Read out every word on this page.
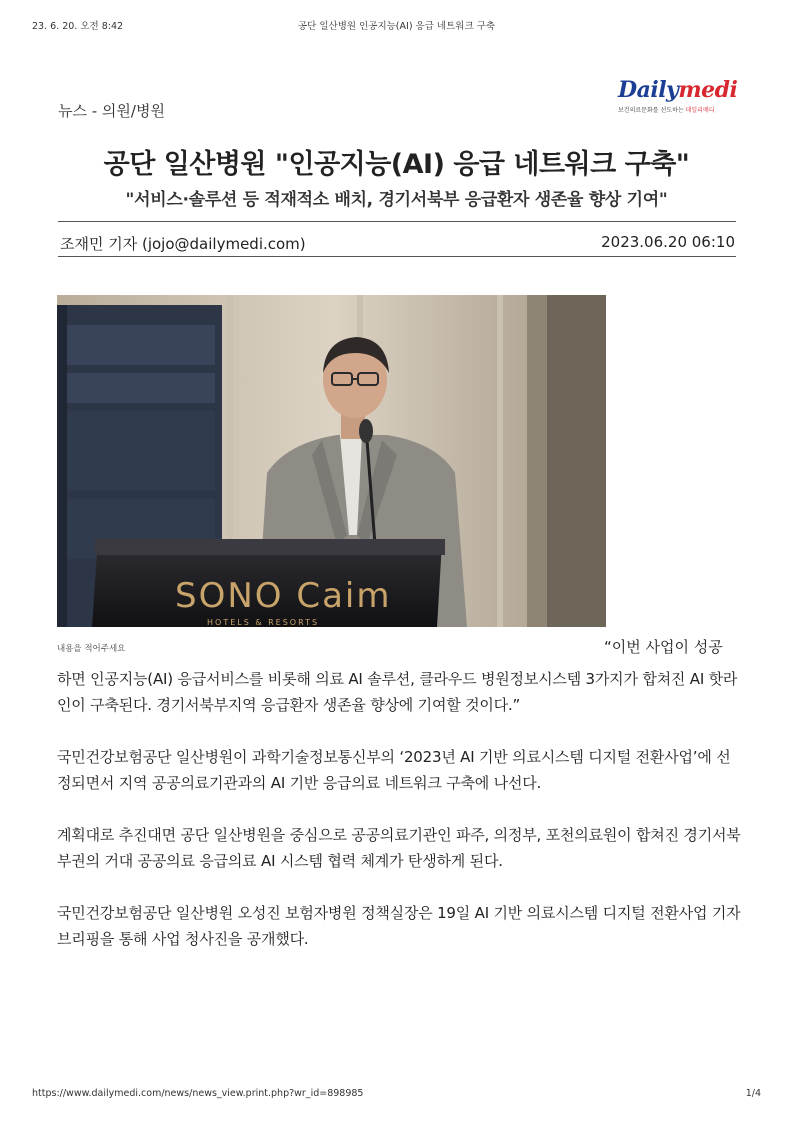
23. 6. 20. 오전 8:42	공단 일산병원 인공지능(AI) 응급 네트워크 구축
뉴스 - 의원/병원
Dailymedi
보건의료문화를 선도하는 데일리메디
공단 일산병원 "인공지능(AI) 응급 네트워크 구축"
"서비스·솔루션 등 적재적소 배치, 경기서북부 응급환자 생존율 향상 기여"
조재민 기자 (jojo@dailymedi.com)	2023.06.20 06:10
SONO Caim
HOTELS & RESORTS
내용을 적어주세요	“이번 사업이 성공

하면 인공지능(AI) 응급서비스를 비롯해 의료 AI 솔루션, 클라우드 병원정보시스템 3가지가 합쳐진 AI 핫라인이 구축된다. 경기서북부지역 응급환자 생존율 향상에 기여할 것이다.”

국민건강보험공단 일산병원이 과학기술정보통신부의 ‘2023년 AI 기반 의료시스템 디지털 전환사업’에 선정되면서 지역 공공의료기관과의 AI 기반 응급의료 네트워크 구축에 나선다.

계획대로 추진대면 공단 일산병원을 중심으로 공공의료기관인 파주, 의정부, 포천의료원이 합쳐진 경기서북부권의 거대 공공의료 응급의료 AI 시스템 협력 체계가 탄생하게 된다.

국민건강보험공단 일산병원 오성진 보험자병원 정책실장은 19일 AI 기반 의료시스템 디지털 전환사업 기자 브리핑을 통해 사업 청사진을 공개했다.

https://www.dailymedi.com/news/news_view.print.php?wr_id=898985	1/4
